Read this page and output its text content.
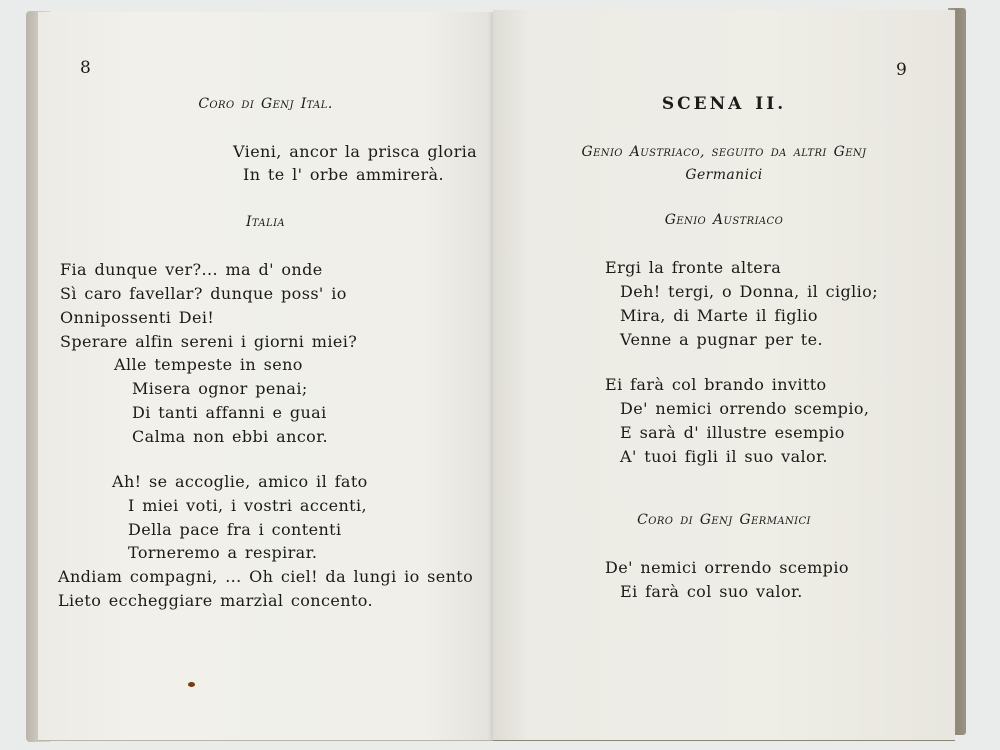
8
Coro di Genj Ital.
Vieni, ancor la prisca gloria
In te l' orbe ammirerà.
Italia
Fia dunque ver?... ma d' onde
Sì caro favellar? dunque poss' io
Onnipossenti Dei!
Sperare alfin sereni i giorni miei?
Alle tempeste in seno
Misera ognor penai;
Di tanti affanni e guai
Calma non ebbi ancor.
Ah! se accoglie, amico il fato
I miei voti, i vostri accenti,
Della pace fra i contenti
Torneremo a respirar.
Andiam compagni, ... Oh ciel! da lungi io sento
Lieto eccheggiare marzìal concento.
9
SCENA II.
Genio Austriaco, seguito da altri Genj
Germanici
Genio Austriaco
Ergi la fronte altera
Deh! tergi, o Donna, il ciglio;
Mira, di Marte il figlio
Venne a pugnar per te.
Ei farà col brando invitto
De' nemici orrendo scempio,
E sarà d' illustre esempio
A' tuoi figli il suo valor.
Coro di Genj Germanici
De' nemici orrendo scempio
Ei farà col suo valor.
